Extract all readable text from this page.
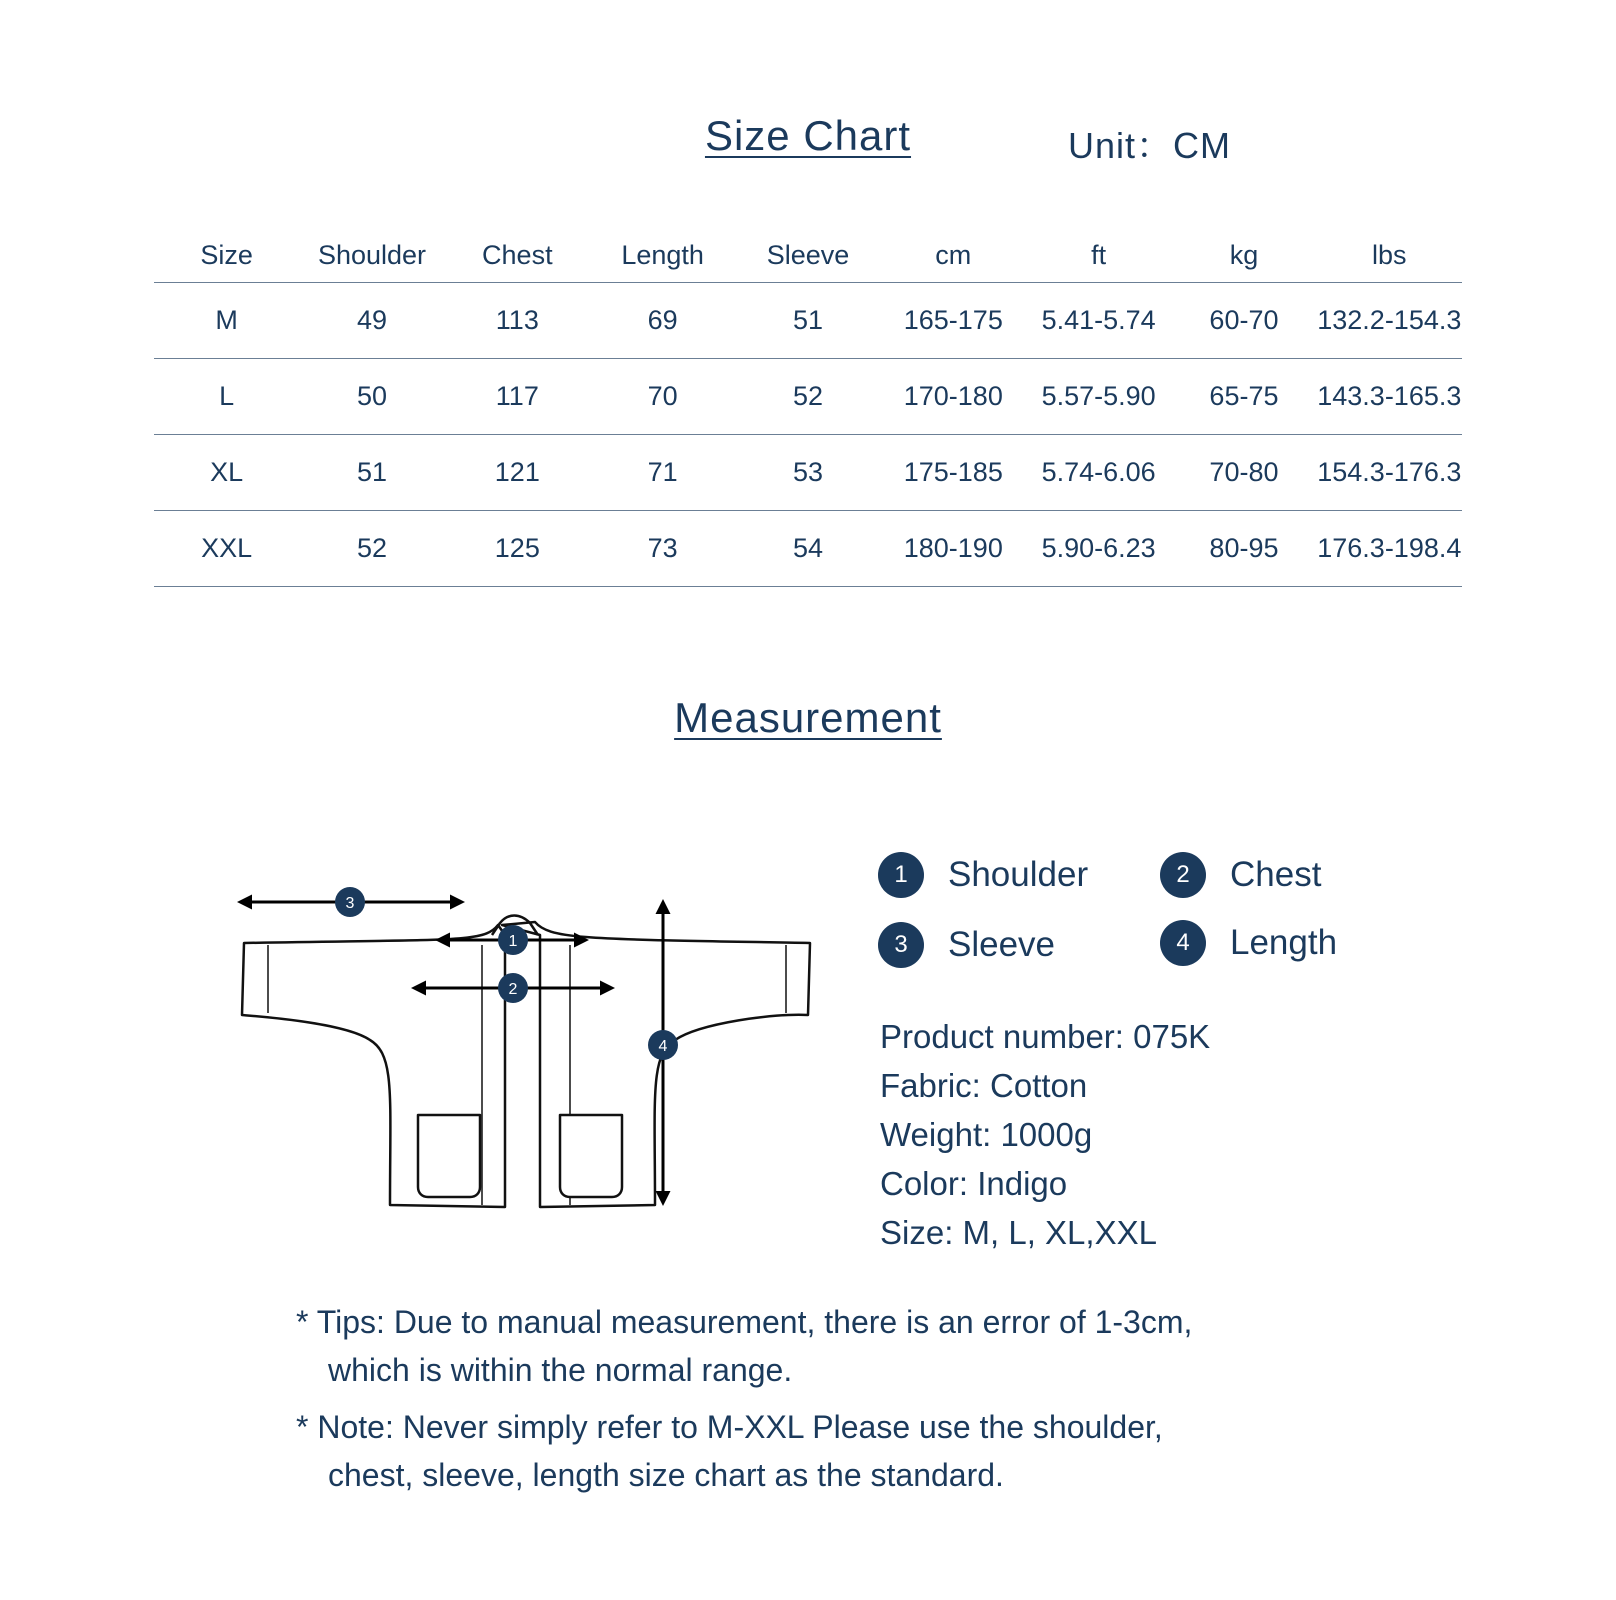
Size Chart	Unit：CM
Size	Shoulder	Chest	Length	Sleeve	cm	ft	kg	lbs
M	49	113	69	51	165-175	5.41-5.74	60-70	132.2-154.3
L	50	117	70	52	170-180	5.57-5.90	65-75	143.3-165.3
XL	51	121	71	53	175-185	5.74-6.06	70-80	154.3-176.3
XXL	52	125	73	54	180-190	5.90-6.23	80-95	176.3-198.4
Measurement
3
1
2
4
1	Shoulder	2	Chest
3	Sleeve	4	Length
Product number: 075K
Fabric: Cotton
Weight: 1000g
Color: Indigo
Size: M, L, XL,XXL
* Tips: Due to manual measurement, there is an error of 1-3cm,
which is within the normal range.
* Note: Never simply refer to M-XXL Please use the shoulder,
chest, sleeve, length size chart as the standard.
